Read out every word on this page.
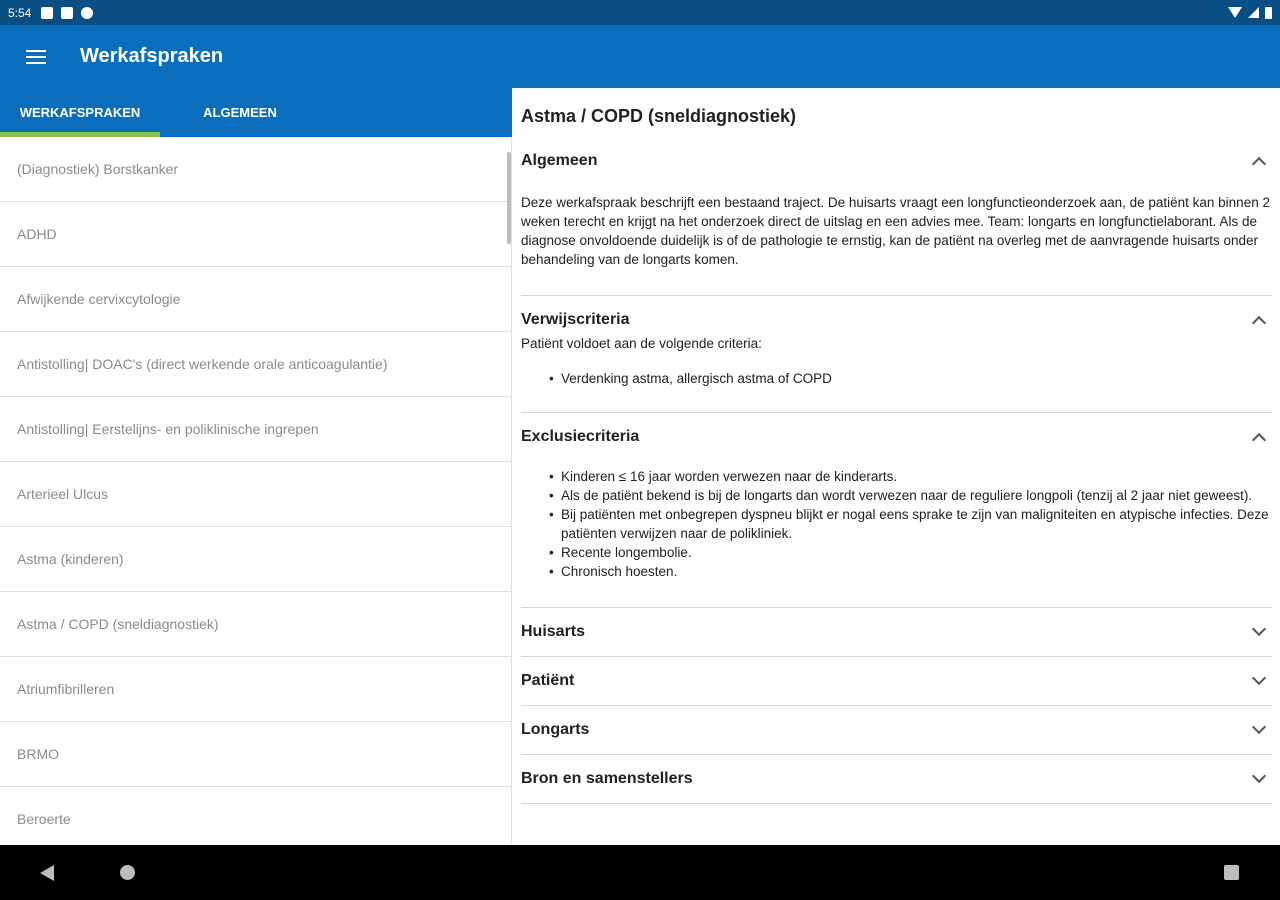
5:54
Werkafspraken
WERKAFSPRAKEN	ALGEMEEN
(Diagnostiek) Borstkanker
ADHD
Afwijkende cervixcytologie
Antistolling| DOAC's (direct werkende orale anticoagulantie)
Antistolling| Eerstelijns- en poliklinische ingrepen
Arterieel Ulcus
Astma (kinderen)
Astma / COPD (sneldiagnostiek)
Atriumfibrilleren
BRMO
Beroerte
Astma / COPD (sneldiagnostiek)
Algemeen

Deze werkafspraak beschrijft een bestaand traject. De huisarts vraagt een longfunctieonderzoek aan, de patiënt kan binnen 2 weken terecht en krijgt na het onderzoek direct de uitslag en een advies mee. Team: longarts en longfunctielaborant. Als de diagnose onvoldoende duidelijk is of de pathologie te ernstig, kan de patiënt na overleg met de aanvragende huisarts onder behandeling van de longarts komen.

Verwijscriteria

Patiënt voldoet aan de volgende criteria:

• Verdenking astma, allergisch astma of COPD
Exclusiecriteria
• Kinderen ≤ 16 jaar worden verwezen naar de kinderarts.
• Als de patiënt bekend is bij de longarts dan wordt verwezen naar de reguliere longpoli (tenzij al 2 jaar niet geweest).
• Bij patiënten met onbegrepen dyspneu blijkt er nogal eens sprake te zijn van maligniteiten en atypische infecties. Deze patiënten verwijzen naar de polikliniek.
• Recente longembolie.
• Chronisch hoesten.
Huisarts
Patiënt
Longarts
Bron en samenstellers
